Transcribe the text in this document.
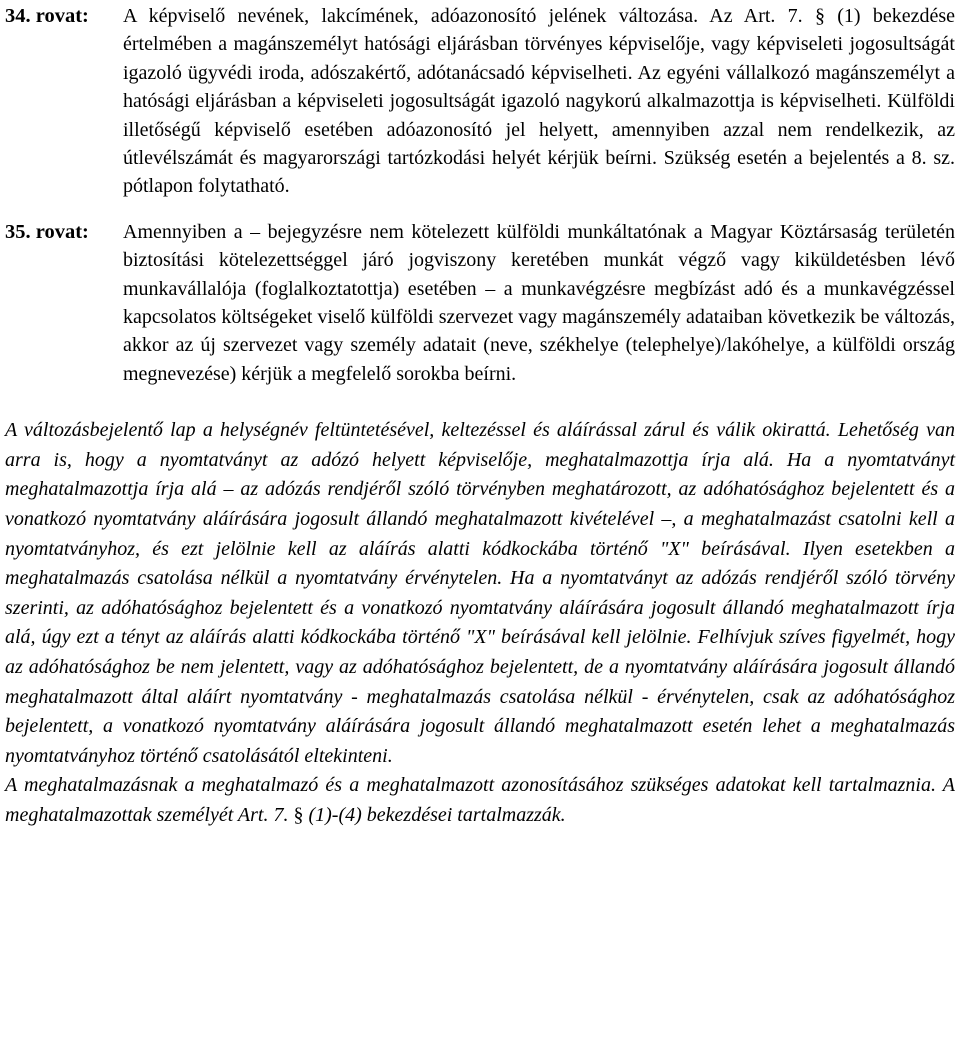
34. rovat:	A képviselő nevének, lakcímének, adóazonosító jelének változása. Az Art. 7. § (1) bekezdése értelmében a magánszemélyt hatósági eljárásban törvényes képviselője, vagy képviseleti jogosultságát igazoló ügyvédi iroda, adószakértő, adótanácsadó képviselheti. Az egyéni vállalkozó magánszemélyt a hatósági eljárásban a képviseleti jogosultságát igazoló nagykorú alkalmazottja is képviselheti. Külföldi illetőségű képviselő esetében adóazonosító jel helyett, amennyiben azzal nem rendelkezik, az útlevélszámát és magyarországi tartózkodási helyét kérjük beírni. Szükség esetén a bejelentés a 8. sz. pótlapon folytatható.
35. rovat:	Amennyiben a – bejegyzésre nem kötelezett külföldi munkáltatónak a Magyar Köztársaság területén biztosítási kötelezettséggel járó jogviszony keretében munkát végző vagy kiküldetésben lévő munkavállalója (foglalkoztatottja) esetében – a munkavégzésre megbízást adó és a munkavégzéssel kapcsolatos költségeket viselő külföldi szervezet vagy magánszemély adataiban következik be változás, akkor az új szervezet vagy személy adatait (neve, székhelye (telephelye)/lakóhelye, a külföldi ország megnevezése) kérjük a megfelelő sorokba beírni.

A változásbejelentő lap a helységnév feltüntetésével, keltezéssel és aláírással zárul és válik okirattá. Lehetőség van arra is, hogy a nyomtatványt az adózó helyett képviselője, meghatalmazottja írja alá. Ha a nyomtatványt meghatalmazottja írja alá – az adózás rendjéről szóló törvényben meghatározott, az adóhatósághoz bejelentett és a vonatkozó nyomtatvány aláírására jogosult állandó meghatalmazott kivételével –, a meghatalmazást csatolni kell a nyomtatványhoz, és ezt jelölnie kell az aláírás alatti kódkockába történő "X" beírásával. Ilyen esetekben a meghatalmazás csatolása nélkül a nyomtatvány érvénytelen. Ha a nyomtatványt az adózás rendjéről szóló törvény szerinti, az adóhatósághoz bejelentett és a vonatkozó nyomtatvány aláírására jogosult állandó meghatalmazott írja alá, úgy ezt a tényt az aláírás alatti kódkockába történő "X" beírásával kell jelölnie. Felhívjuk szíves figyelmét, hogy az adóhatósághoz be nem jelentett, vagy az adóhatósághoz bejelentett, de a nyomtatvány aláírására jogosult állandó meghatalmazott által aláírt nyomtatvány - meghatalmazás csatolása nélkül - érvénytelen, csak az adóhatósághoz bejelentett, a vonatkozó nyomtatvány aláírására jogosult állandó meghatalmazott esetén lehet a meghatalmazás nyomtatványhoz történő csatolásától eltekinteni.

A meghatalmazásnak a meghatalmazó és a meghatalmazott azonosításához szükséges adatokat kell tartalmaznia. A meghatalmazottak személyét Art. 7. § (1)-(4) bekezdései tartalmazzák.
